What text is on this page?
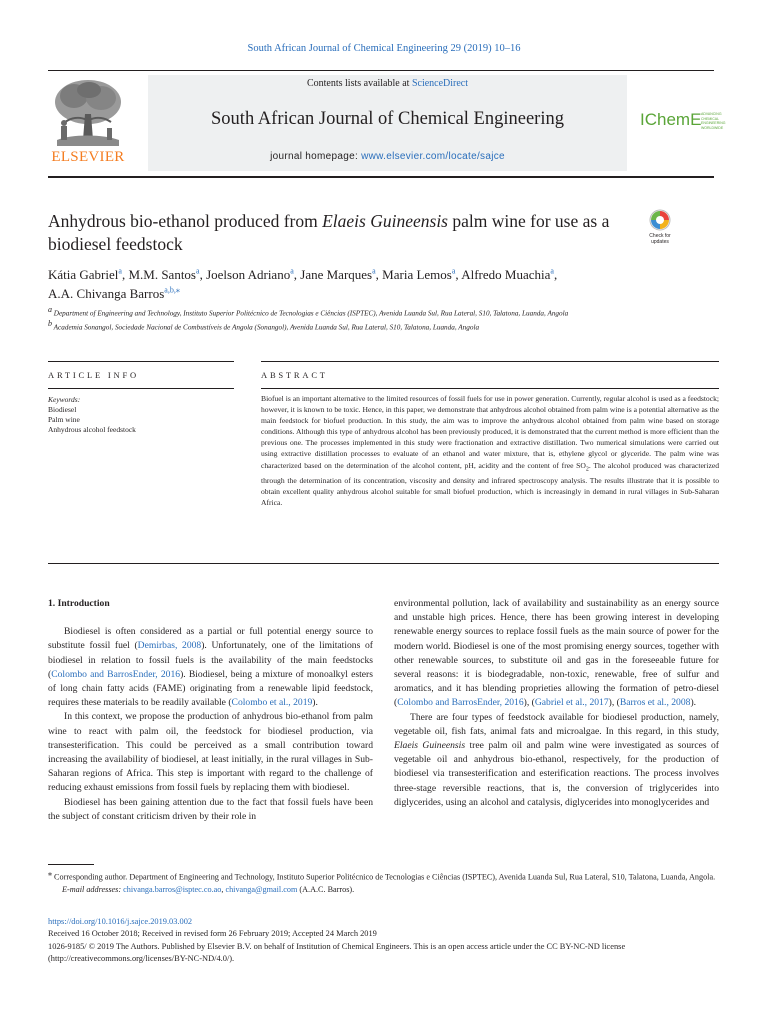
South African Journal of Chemical Engineering 29 (2019) 10–16
Contents lists available at ScienceDirect
South African Journal of Chemical Engineering
journal homepage: www.elsevier.com/locate/sajce
ELSEVIER
IChemE ADVANCING CHEMICAL ENGINEERING WORLDWIDE
Anhydrous bio-ethanol produced from Elaeis Guineensis palm wine for use as a biodiesel feedstock	Check for updates
Kátia Gabriel$^a$, M.M. Santos$^a$, Joelson Adriano$^a$, Jane Marques$^a$, Maria Lemos$^a$, Alfredo Muachia$^a$,
A.A. Chivanga Barros$^{a,b,⁎}$
$^a$ Department of Engineering and Technology, Instituto Superior Politécnico de Tecnologias e Ciências (ISPTEC), Avenida Luanda Sul, Rua Lateral, S10, Talatona, Luanda, Angola
$^b$ Academia Sonangol, Sociedade Nacional de Combustíveis de Angola (Sonangol), Avenida Luanda Sul, Rua Lateral, S10, Talatona, Luanda, Angola
ARTICLE INFO	ABSTRACT
Keywords:
Biodiesel
Palm wine
Anhydrous alcohol feedstock
Biofuel is an important alternative to the limited resources of fossil fuels for use in power generation. Currently, regular alcohol is used as a feedstock; however, it is known to be toxic. Hence, in this paper, we demonstrate that anhydrous alcohol obtained from palm wine is a potential alternative as the main feedstock for biofuel production. In this study, the aim was to improve the anhydrous alcohol obtained from palm wine based on storage conditions. Although this type of anhydrous alcohol has been previously produced, it is demonstrated that the current method is more efficient than the previous one. The processes implemented in this study were fractionation and extractive distillation. Two numerical simulations were carried out using extractive distillation processes to evaluate of an ethanol and water mixture, that is, ethylene glycol or glyceride. The palm wine was characterized based on the determination of the alcohol content, pH, acidity and the content of free $SO_2$. The alcohol produced was characterized through the determination of its concentration, viscosity and density and infrared spectroscopy analysis. The results illustrate that it is possible to obtain excellent quality anhydrous alcohol suitable for small biofuel production, which is increasingly in demand in rural villages in Sub-Saharan Africa.
1. Introduction

Biodiesel is often considered as a partial or full potential energy source to substitute fossil fuel (Demirbas, 2008). Unfortunately, one of the limitations of biodiesel in relation to fossil fuels is the availability of the main feedstocks (Colombo and BarrosEnder, 2016). Biodiesel, being a mixture of monoalkyl esters of long chain fatty acids (FAME) originating from a renewable lipid feedstock, requires these materials to be readily available (Colombo et al., 2019).

In this context, we propose the production of anhydrous bio-ethanol from palm wine to react with palm oil, the feedstock for biodiesel production, via transesterification. This could be perceived as a small contribution toward increasing the availability of biodiesel, at least initially, in the rural villages in Sub-Saharan regions of Africa. This step is important with regard to the challenge of reducing exhaust emissions from fossil fuels by replacing them with biodiesel.

Biodiesel has been gaining attention due to the fact that fossil fuels have been the subject of constant criticism driven by their role in

environmental pollution, lack of availability and sustainability as an energy source and unstable high prices. Hence, there has been growing interest in developing renewable energy sources to replace fossil fuels as the main source of power for the modern world. Biodiesel is one of the most promising energy sources, together with other renewable sources, to substitute oil and gas in the foreseeable future for several reasons: it is biodegradable, non-toxic, renewable, free of sulfur and aromatics, and it has blending proprieties allowing the formation of petro-diesel (Colombo and BarrosEnder, 2016), (Gabriel et al., 2017), (Barros et al., 2008).

There are four types of feedstock available for biodiesel production, namely, vegetable oil, fish fats, animal fats and microalgae. In this regard, in this study, Elaeis Guineensis tree palm oil and palm wine were investigated as sources of vegetable oil and anhydrous bio-ethanol, respectively, for the production of biodiesel via transesterification and esterification reactions. The process involves three-stage reversible reactions, that is, the conversion of triglycerides into diglycerides, using an alcohol and catalysis, diglycerides into monoglycerides and

⁎ Corresponding author. Department of Engineering and Technology, Instituto Superior Politécnico de Tecnologias e Ciências (ISPTEC), Avenida Luanda Sul, Rua Lateral, S10, Talatona, Luanda, Angola.
E-mail addresses: chivanga.barros@isptec.co.ao, chivanga@gmail.com (A.A.C. Barros).
https://doi.org/10.1016/j.sajce.2019.03.002
Received 16 October 2018; Received in revised form 26 February 2019; Accepted 24 March 2019
1026-9185/ © 2019 The Authors. Published by Elsevier B.V. on behalf of Institution of Chemical Engineers. This is an open access article under the CC BY-NC-ND license (http://creativecommons.org/licenses/BY-NC-ND/4.0/).
